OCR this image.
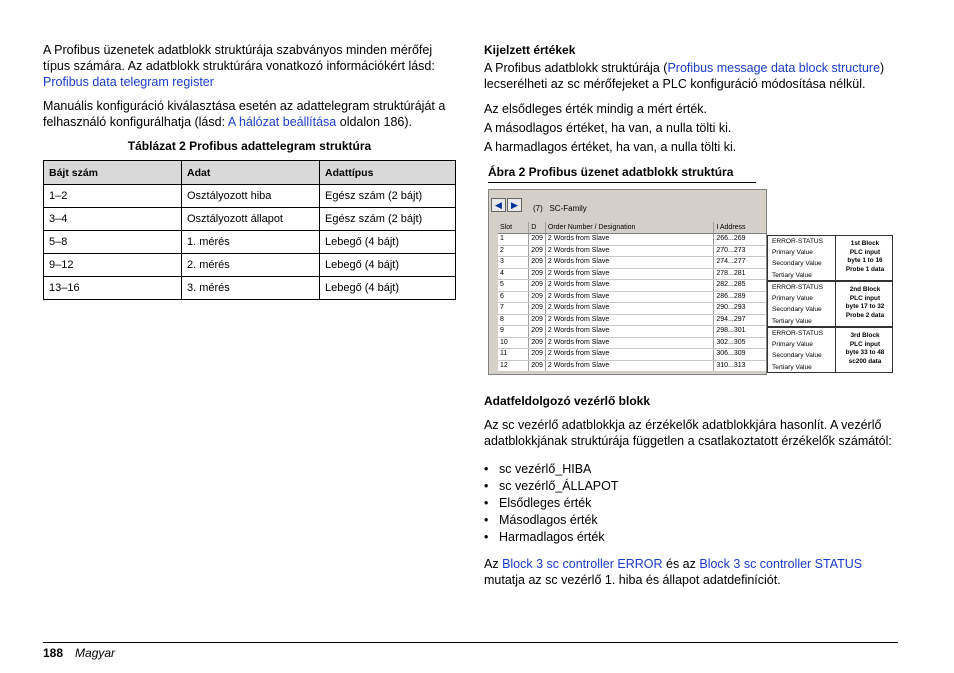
A Profibus üzenetek adatblokk struktúrája szabványos minden mérőfej típus számára. Az adatblokk struktúrára vonatkozó információkért lásd: Profibus data telegram register

Manuális konfiguráció kiválasztása esetén az adattelegram struktúráját a felhasználó konfigurálhatja (lásd: A hálózat beállítása oldalon 186).

Táblázat 2 Profibus adattelegram struktúra
Bájt szám	Adat	Adattípus
1–2	Osztályozott hiba	Egész szám (2 bájt)
3–4	Osztályozott állapot	Egész szám (2 bájt)
5–8	1. mérés	Lebegő (4 bájt)
9–12	2. mérés	Lebegő (4 bájt)
13–16	3. mérés	Lebegő (4 bájt)
Kijelzett értékek

A Profibus adatblokk struktúrája (Profibus message data block structure) lecserélheti az sc mérőfejeket a PLC konfiguráció módosítása nélkül.

Az elsődleges érték mindig a mért érték.

A másodlagos értéket, ha van, a nulla tölti ki.

A harmadlagos értéket, ha van, a nulla tölti ki.

Ábra 2 Profibus üzenet adatblokk struktúra
◀ ▶ (7) SC-Family
Slot	D	Order Number / Designation	I Address
1	209	2 Words from Slave	266...269
2	209	2 Words from Slave	270...273
3	209	2 Words from Slave	274...277
4	209	2 Words from Slave	278...281
5	209	2 Words from Slave	282...285
6	209	2 Words from Slave	286...289
7	209	2 Words from Slave	290...293
8	209	2 Words from Slave	294...297
9	209	2 Words from Slave	298...301
10	209	2 Words from Slave	302...305
11	209	2 Words from Slave	306...309
12	209	2 Words from Slave	310...313
ERROR-STATUS
Primary Value
Secondary Value
Tertiary Value
1st Block
PLC input
byte 1 to 16
Probe 1 data
ERROR-STATUS
Primary Value
Secondary Value
Tertiary Value
2nd Block
PLC input
byte 17 to 32
Probe 2 data
ERROR-STATUS
Primary Value
Secondary Value
Tertiary Value
3rd Block
PLC input
byte 33 to 48
sc200 data
Adatfeldolgozó vezérlő blokk

Az sc vezérlő adatblokkja az érzékelők adatblokkjára hasonlít. A vezérlő adatblokkjának struktúrája független a csatlakoztatott érzékelők számától:

• sc vezérlő_HIBA
• sc vezérlő_ÁLLAPOT
• Elsődleges érték
• Másodlagos érték
• Harmadlagos érték

Az Block 3 sc controller ERROR és az Block 3 sc controller STATUS mutatja az sc vezérlő 1. hiba és állapot adatdefiníciót.

188 Magyar
